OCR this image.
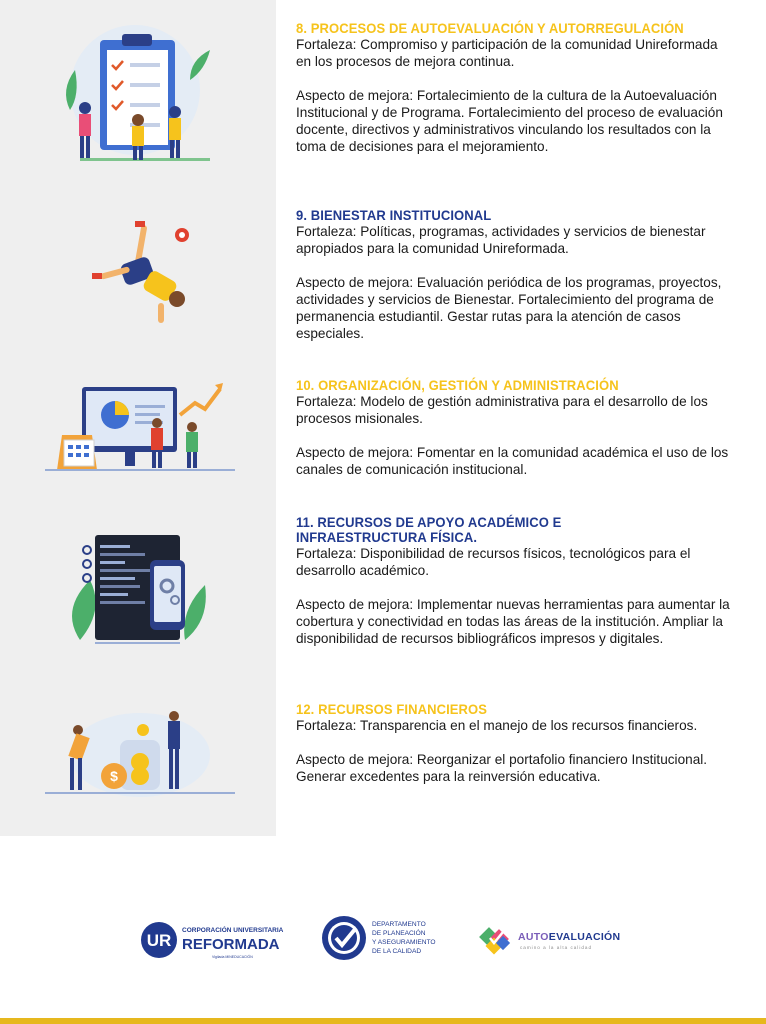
$
8. PROCESOS DE AUTOEVALUACIÓN Y AUTORREGULACIÓN

Fortaleza: Compromiso y participación de la comunidad Unireformada en los procesos de mejora continua.

Aspecto de mejora: Fortalecimiento de la cultura de la Autoevaluación Institucional y de Programa. Fortalecimiento del proceso de evaluación docente, directivos y administrativos vinculando los resultados con la toma de decisiones para el mejoramiento.

9. BIENESTAR INSTITUCIONAL

Fortaleza: Políticas, programas, actividades y servicios de bienestar apropiados para la comunidad Unireformada.

Aspecto de mejora: Evaluación periódica de los programas, proyectos, actividades y servicios de Bienestar. Fortalecimiento del programa de permanencia estudiantil. Gestar rutas para la atención de casos especiales.

10. ORGANIZACIÓN, GESTIÓN Y ADMINISTRACIÓN

Fortaleza: Modelo de gestión administrativa para el desarrollo de los procesos misionales.

Aspecto de mejora: Fomentar en la comunidad académica el uso de los canales de comunicación institucional.

11. RECURSOS DE APOYO ACADÉMICO E
INFRAESTRUCTURA FÍSICA.

Fortaleza: Disponibilidad de recursos físicos, tecnológicos para el desarrollo académico.

Aspecto de mejora: Implementar nuevas herramientas para aumentar la cobertura y conectividad en todas las áreas de la institución. Ampliar la disponibilidad de recursos bibliográficos impresos y digitales.

12. RECURSOS FINANCIEROS

Fortaleza: Transparencia en el manejo de los recursos financieros.

Aspecto de mejora: Reorganizar el portafolio financiero Institucional. Generar excedentes para la reinversión educativa.

UR
CORPORACIÓN UNIVERSITARIA
REFORMADA
Vigilada MINEDUCACIÓN
DEPARTAMENTO
DE PLANEACIÓN
Y ASEGURAMIENTO
DE LA CALIDAD
AUTOEVALUACIÓN
camino a la alta calidad
